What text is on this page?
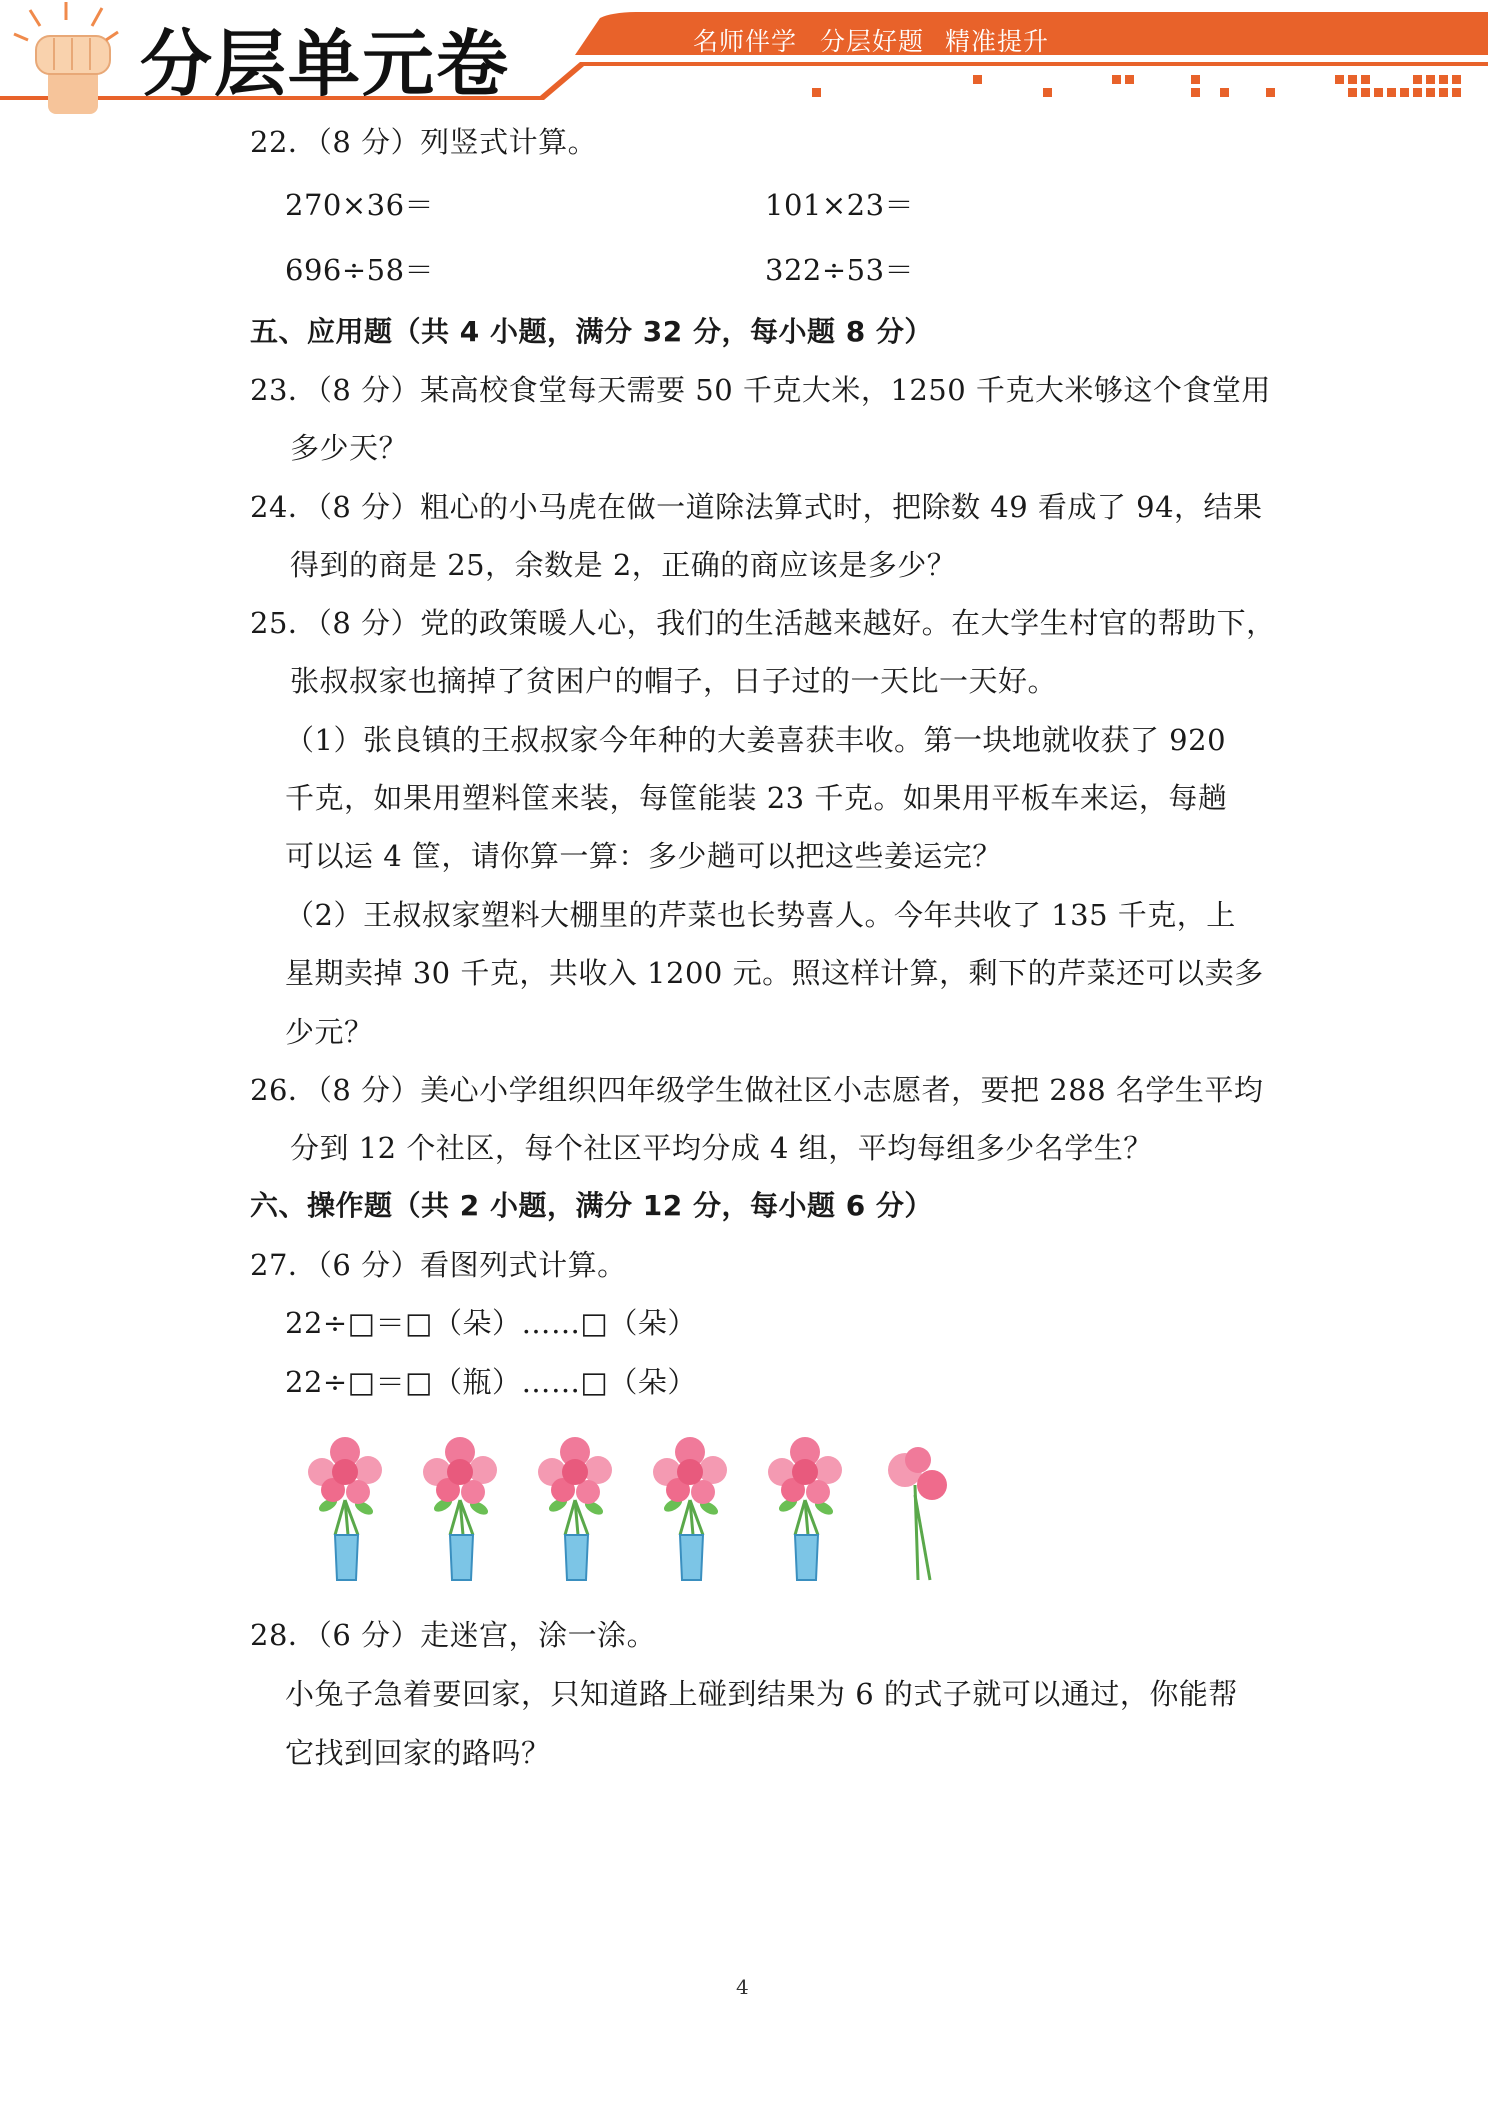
分层单元卷	名师伴学 分层好题 精准提升
22．（8 分）列竖式计算。
270×36＝	101×23＝
696÷58＝	322÷53＝
五、应用题（共 4 小题，满分 32 分，每小题 8 分）
23．（8 分）某高校食堂每天需要 50 千克大米，1250 千克大米够这个食堂用
多少天？
24．（8 分）粗心的小马虎在做一道除法算式时，把除数 49 看成了 94，结果
得到的商是 25，余数是 2，正确的商应该是多少？
25．（8 分）党的政策暖人心，我们的生活越来越好。在大学生村官的帮助下，
张叔叔家也摘掉了贫困户的帽子，日子过的一天比一天好。
（1）张良镇的王叔叔家今年种的大姜喜获丰收。第一块地就收获了 920
千克，如果用塑料筐来装，每筐能装 23 千克。如果用平板车来运，每趟
可以运 4 筐，请你算一算：多少趟可以把这些姜运完？
（2）王叔叔家塑料大棚里的芹菜也长势喜人。今年共收了 135 千克，上
星期卖掉 30 千克，共收入 1200 元。照这样计算，剩下的芹菜还可以卖多
少元？
26．（8 分）美心小学组织四年级学生做社区小志愿者，要把 288 名学生平均
分到 12 个社区，每个社区平均分成 4 组，平均每组多少名学生？
六、操作题（共 2 小题，满分 12 分，每小题 6 分）
27．（6 分）看图列式计算。
22÷□＝□（朵）……□（朵）
22÷□＝□（瓶）……□（朵）
28．（6 分）走迷宫，涂一涂。
小兔子急着要回家，只知道路上碰到结果为 6 的式子就可以通过，你能帮
它找到回家的路吗？
4
